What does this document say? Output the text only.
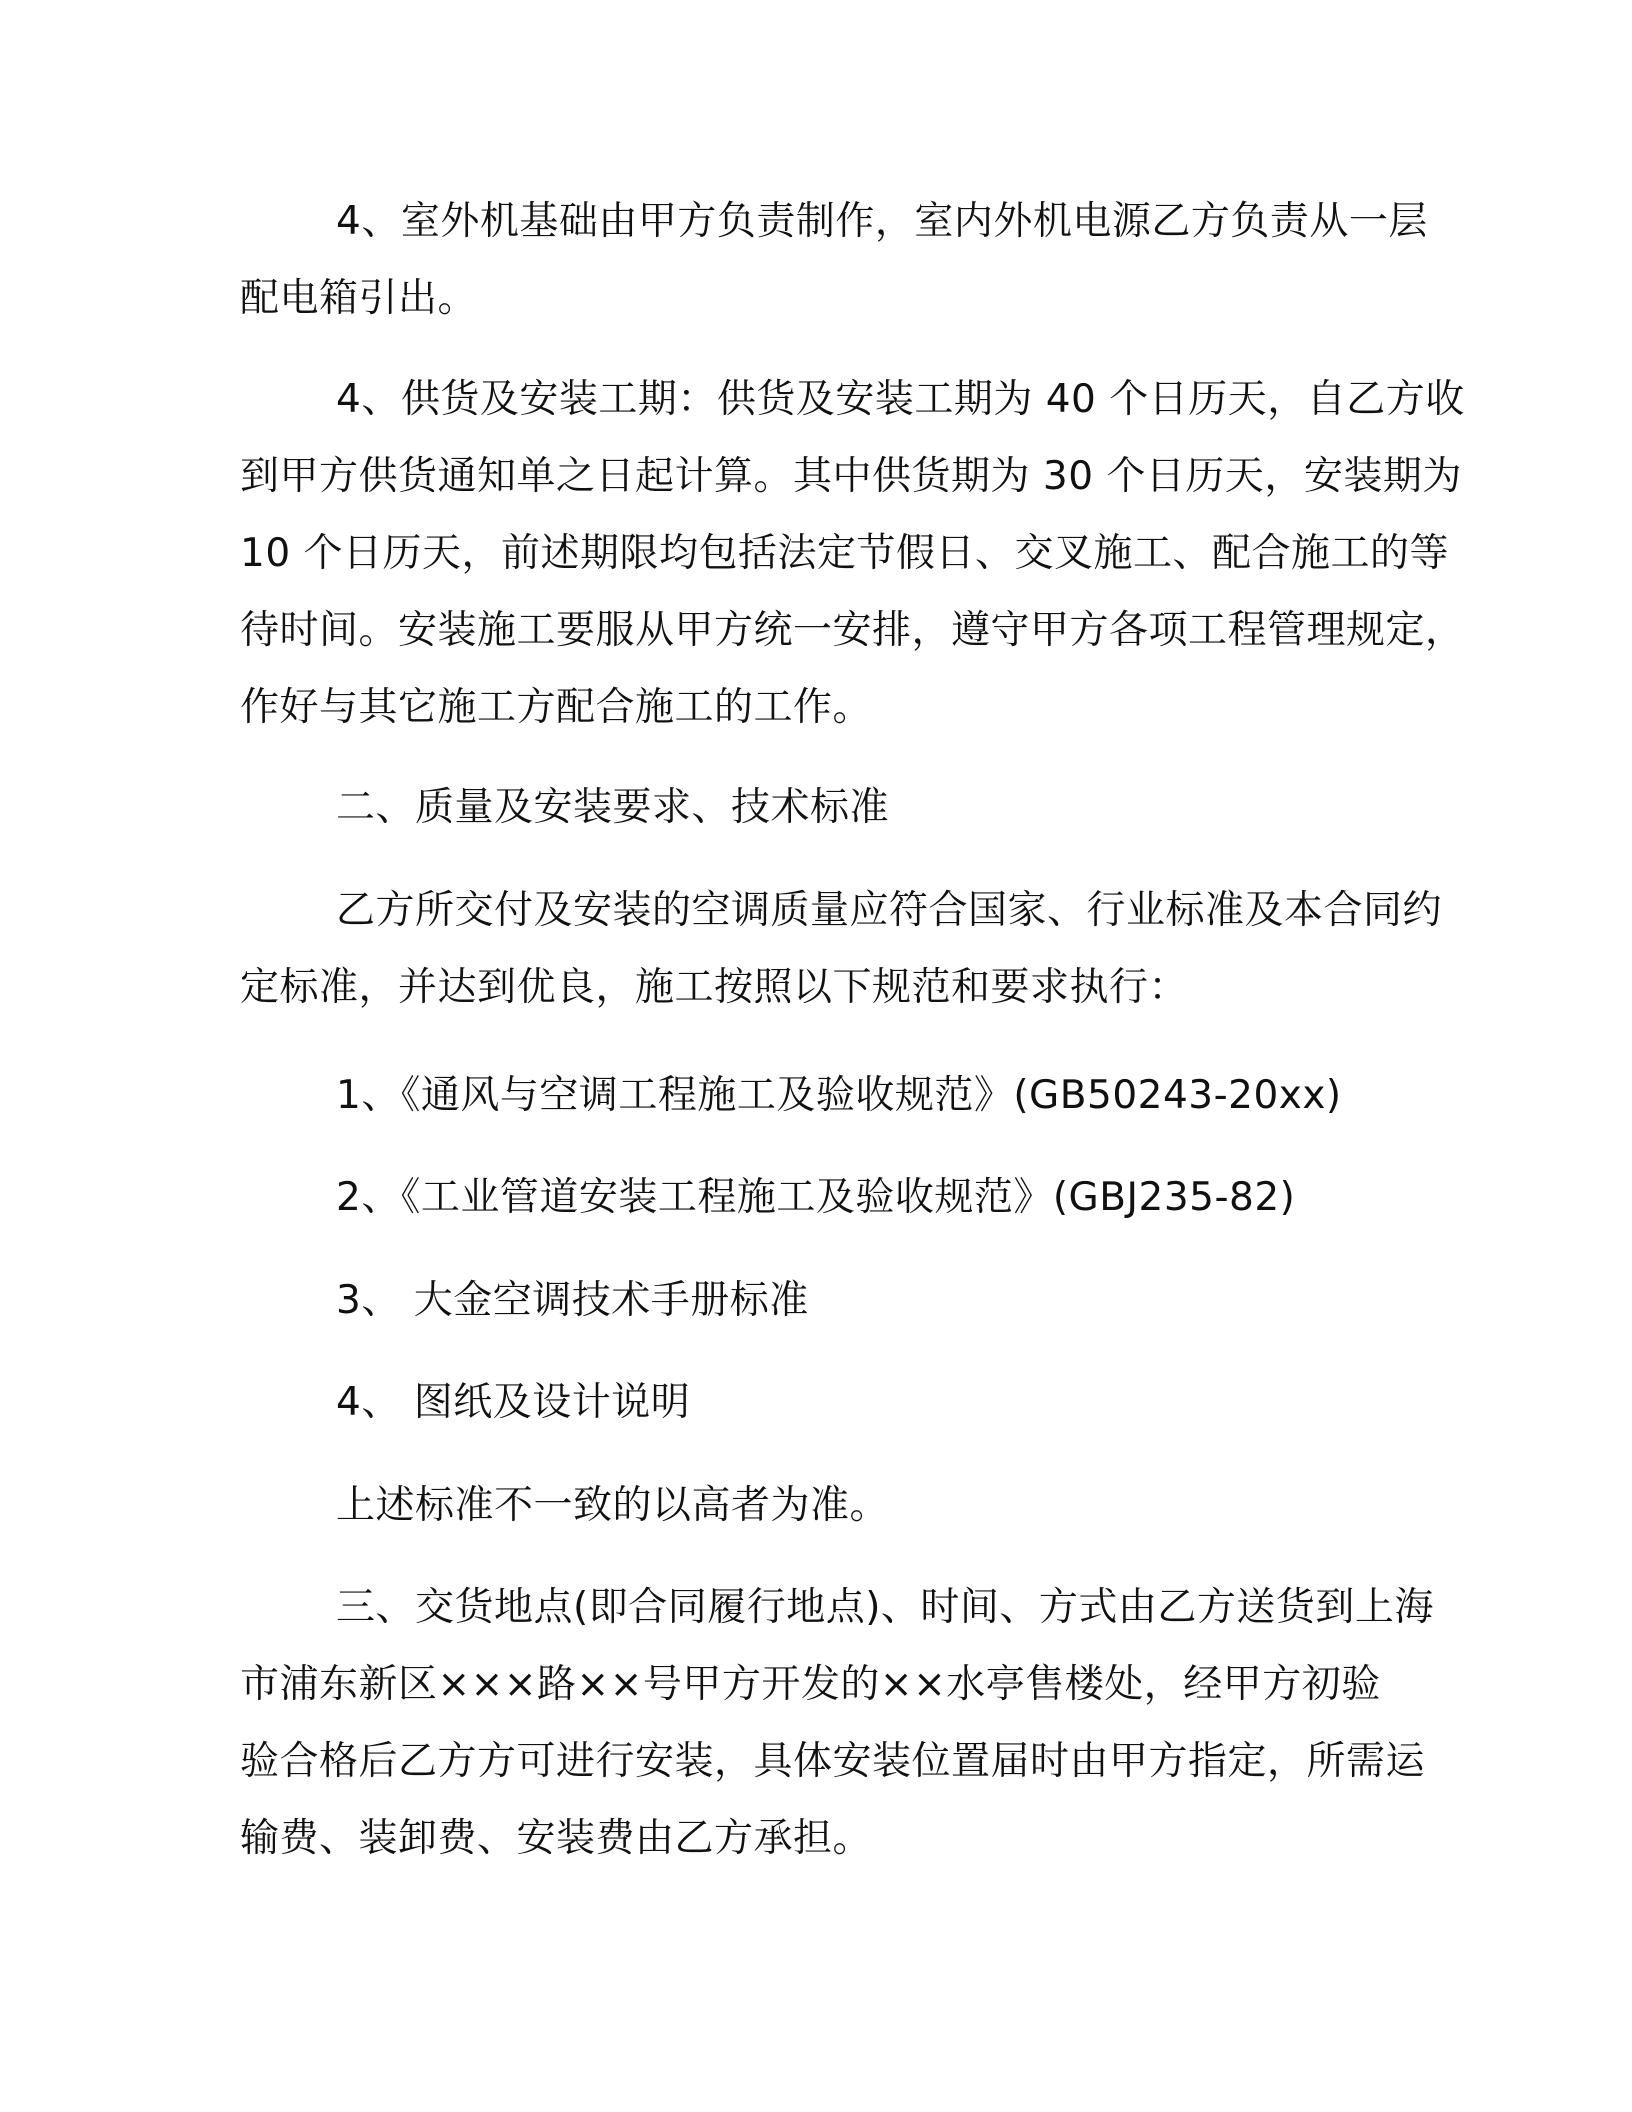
4、室外机基础由甲方负责制作，室内外机电源乙方负责从一层
配电箱引出。
4、供货及安装工期：供货及安装工期为 40 个日历天，自乙方收
到甲方供货通知单之日起计算。其中供货期为 30 个日历天，安装期为
10 个日历天，前述期限均包括法定节假日、交叉施工、配合施工的等
待时间。安装施工要服从甲方统一安排，遵守甲方各项工程管理规定，
作好与其它施工方配合施工的工作。
二、质量及安装要求、技术标准
乙方所交付及安装的空调质量应符合国家、行业标准及本合同约
定标准，并达到优良，施工按照以下规范和要求执行：
1、《通风与空调工程施工及验收规范》(GB50243-20xx)
2、《工业管道安装工程施工及验收规范》(GBJ235-82)
3、 大金空调技术手册标准
4、 图纸及设计说明
上述标准不一致的以高者为准。
三、交货地点(即合同履行地点)、时间、方式由乙方送货到上海
市浦东新区×××路××号甲方开发的××水亭售楼处，经甲方初验
验合格后乙方方可进行安装，具体安装位置届时由甲方指定，所需运
输费、装卸费、安装费由乙方承担。
